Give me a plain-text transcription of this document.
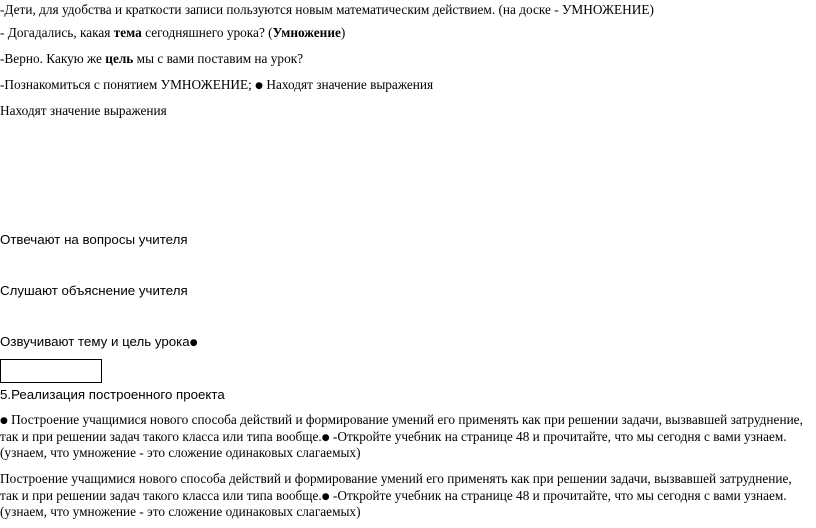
-Дети, для удобства и краткости записи пользуются новым математическим действием. (на доске - УМНОЖЕНИЕ)
- Догадались, какая тема сегодняшнего урока? (Умножение)
-Верно. Какую же цель мы с вами поставим на урок?
-Познакомиться с понятием УМНОЖЕНИЕ; ● Находят значение выражения
Находят значение выражения
Отвечают на вопросы учителя
Слушают объяснение учителя
Озвучивают тему и цель урока●
5.Реализация построенного проекта
● Построение учащимися нового способа действий и формирование умений его применять как при решении задачи, вызвавшей затруднение,
так и при решении задач такого класса или типа вообще.● -Откройте учебник на странице 48 и прочитайте, что мы сегодня с вами узнаем.
(узнаем, что умножение - это сложение одинаковых слагаемых)
Построение учащимися нового способа действий и формирование умений его применять как при решении задачи, вызвавшей затруднение,
так и при решении задач такого класса или типа вообще.● -Откройте учебник на странице 48 и прочитайте, что мы сегодня с вами узнаем.
(узнаем, что умножение - это сложение одинаковых слагаемых)
